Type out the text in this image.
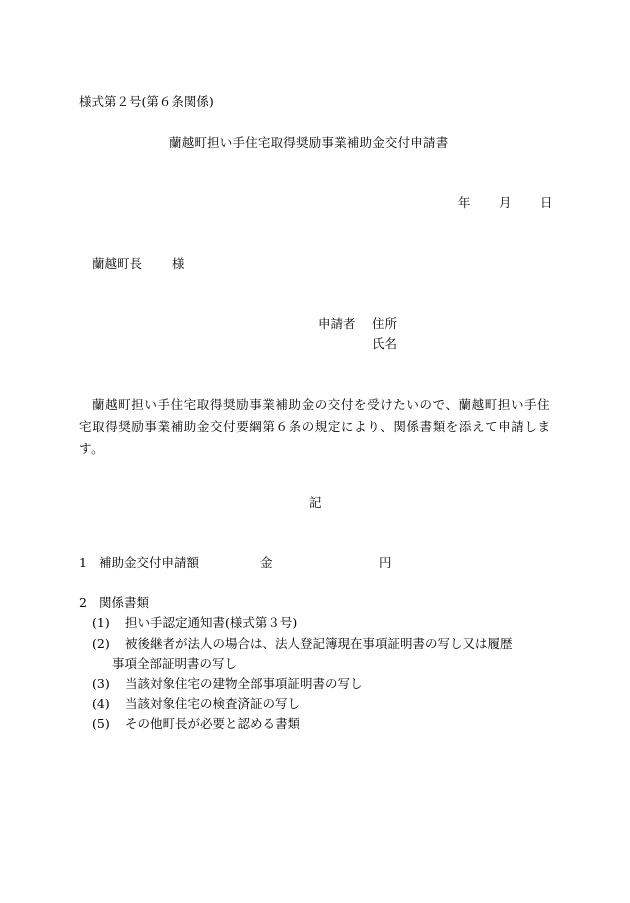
様式第２号(第６条関係)
蘭越町担い手住宅取得奨励事業補助金交付申請書
年 月 日
蘭越町長 様
申請者 住所
氏名
蘭越町担い手住宅取得奨励事業補助金の交付を受けたいので、蘭越町担い手住宅取得奨励事業補助金交付要綱第６条の規定により、関係書類を添えて申請します。
記
1 補助金交付申請額	金	円
2 関係書類
(1) 担い手認定通知書(様式第３号)
(2) 被後継者が法人の場合は、法人登記簿現在事項証明書の写し又は履歴
事項全部証明書の写し
(3) 当該対象住宅の建物全部事項証明書の写し
(4) 当該対象住宅の検査済証の写し
(5) その他町長が必要と認める書類
